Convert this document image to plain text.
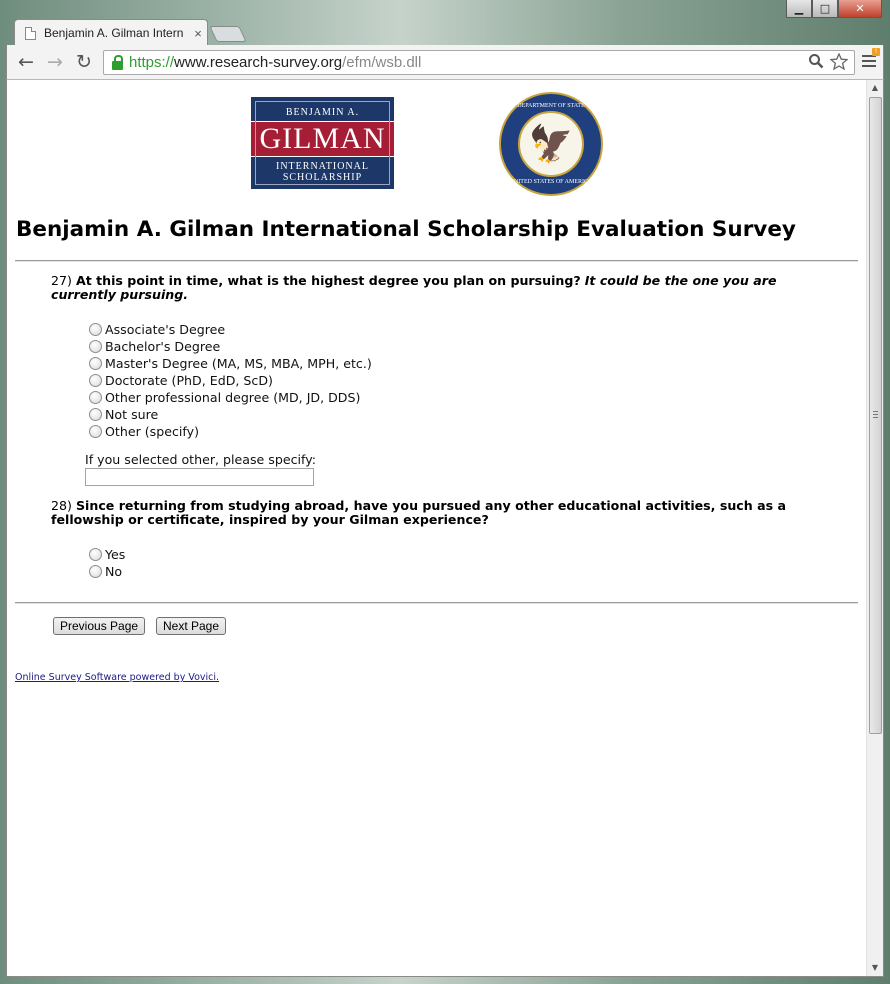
Benjamin A. Gilman Intern ×
▁	□	✕
← → ↻ https:// www.research-survey.org /efm/wsb.dll
!
BENJAMIN A.
GILMAN
INTERNATIONAL
SCHOLARSHIP
DEPARTMENT OF STATE
🦅
UNITED STATES OF AMERICA
Benjamin A. Gilman International Scholarship Evaluation Survey
27) At this point in time, what is the highest degree you plan on pursuing? It could be the one you are currently pursuing.
Associate's Degree
Bachelor's Degree
Master's Degree (MA, MS, MBA, MPH, etc.)
Doctorate (PhD, EdD, ScD)
Other professional degree (MD, JD, DDS)
Not sure
Other (specify)
If you selected other, please specify:
28) Since returning from studying abroad, have you pursued any other educational activities, such as a fellowship or certificate, inspired by your Gilman experience?
Yes
No
Previous Page	Next Page
Online Survey Software powered by Vovici.
▲
▼
